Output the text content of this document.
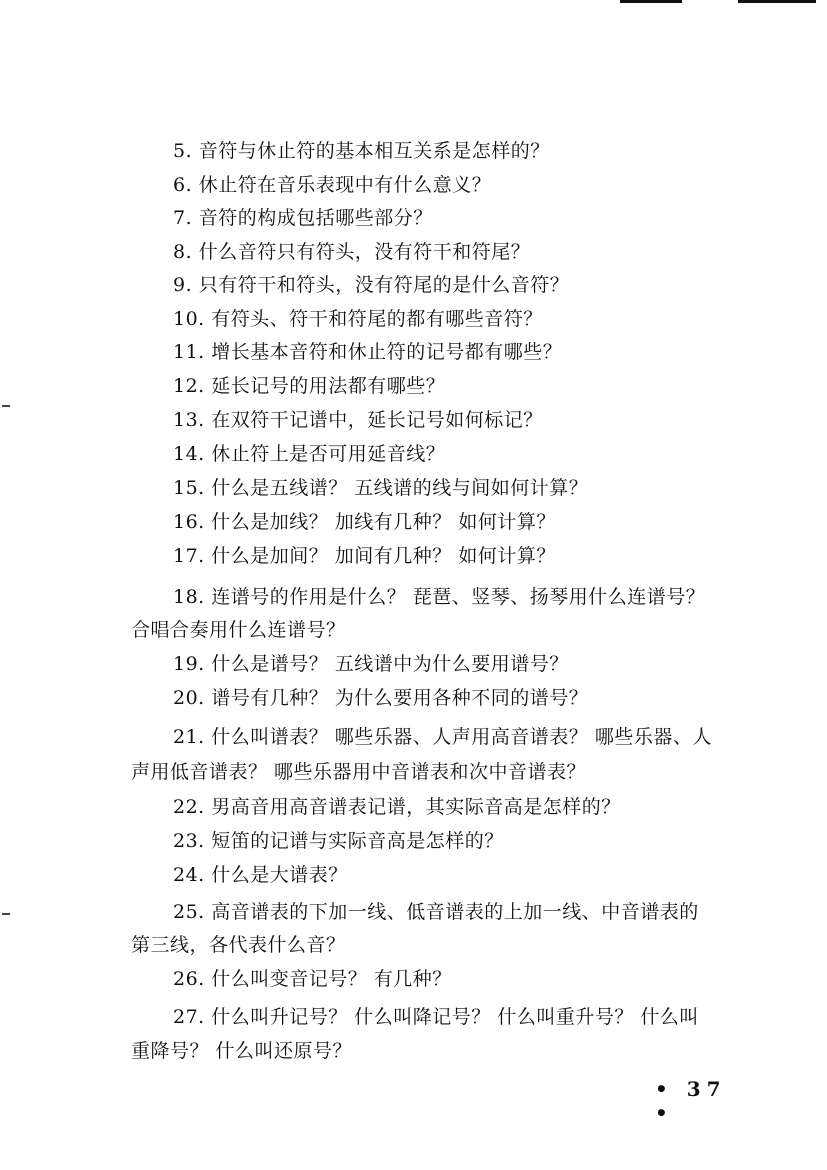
5. 音符与休止符的基本相互关系是怎样的？

6. 休止符在音乐表现中有什么意义？

7. 音符的构成包括哪些部分？

8. 什么音符只有符头，没有符干和符尾？

9. 只有符干和符头，没有符尾的是什么音符？

10. 有符头、符干和符尾的都有哪些音符？

11. 增长基本音符和休止符的记号都有哪些？

12. 延长记号的用法都有哪些？

13. 在双符干记谱中，延长记号如何标记？

14. 休止符上是否可用延音线？

15. 什么是五线谱？ 五线谱的线与间如何计算？

16. 什么是加线？ 加线有几种？ 如何计算？

17. 什么是加间？ 加间有几种？ 如何计算？

18. 连谱号的作用是什么？ 琵琶、竖琴、扬琴用什么连谱号？

合唱合奏用什么连谱号？

19. 什么是谱号？ 五线谱中为什么要用谱号？

20. 谱号有几种？ 为什么要用各种不同的谱号？

21. 什么叫谱表？ 哪些乐器、人声用高音谱表？ 哪些乐器、人

声用低音谱表？ 哪些乐器用中音谱表和次中音谱表？

22. 男高音用高音谱表记谱，其实际音高是怎样的？

23. 短笛的记谱与实际音高是怎样的？

24. 什么是大谱表？

25. 高音谱表的下加一线、低音谱表的上加一线、中音谱表的

第三线，各代表什么音？

26. 什么叫变音记号？ 有几种？

27. 什么叫升记号？ 什么叫降记号？ 什么叫重升号？ 什么叫

重降号？ 什么叫还原号？

• 37 •
